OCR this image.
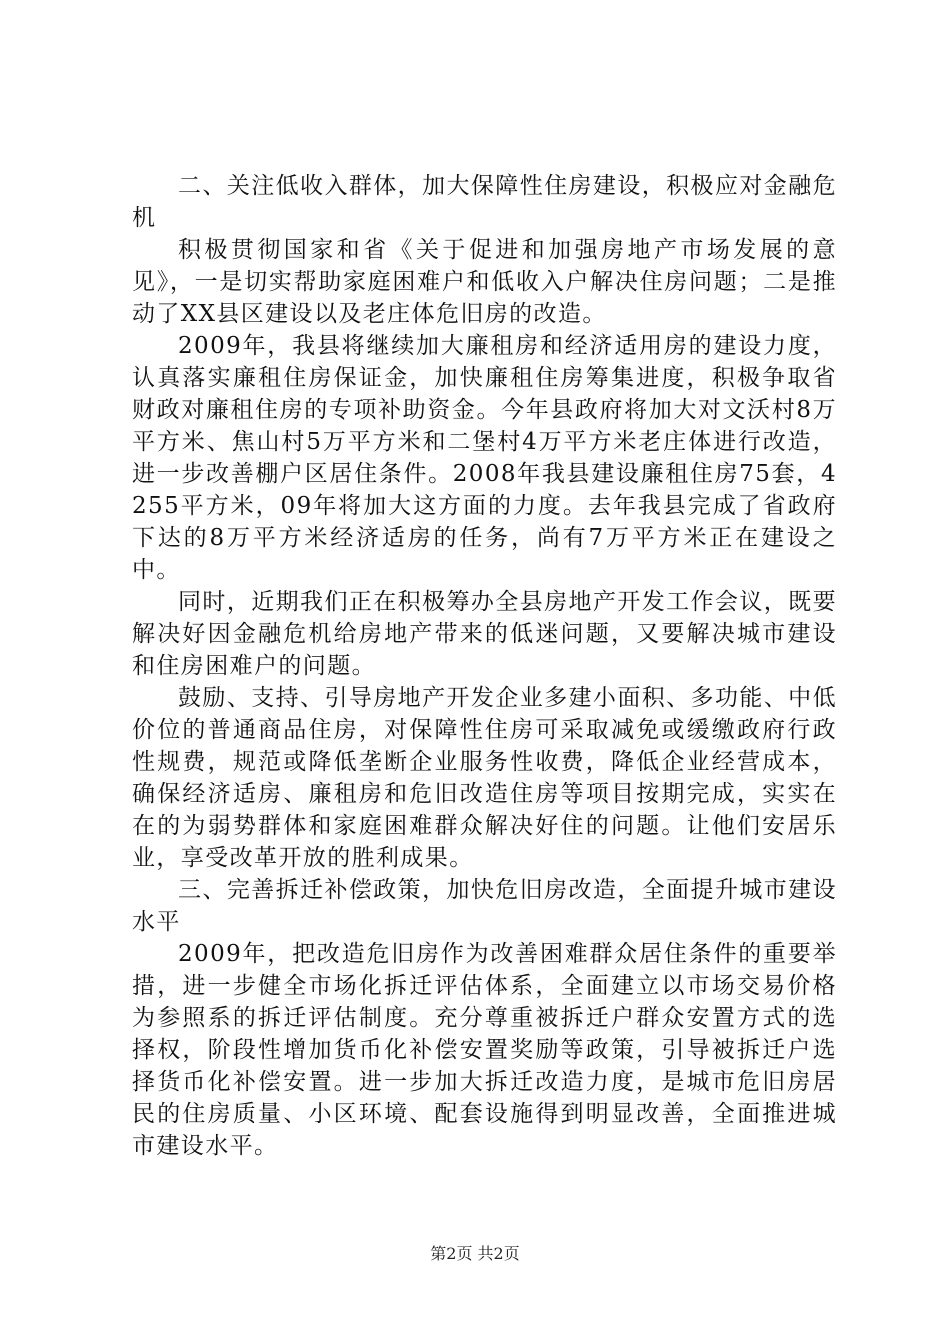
二、关注低收入群体，加大保障性住房建设，积极应对金融危机

积极贯彻国家和省《关于促进和加强房地产市场发展的意见》，一是切实帮助家庭困难户和低收入户解决住房问题；二是推动了XX县区建设以及老庄体危旧房的改造。

2009年，我县将继续加大廉租房和经济适用房的建设力度，认真落实廉租住房保证金，加快廉租住房筹集进度，积极争取省财政对廉租住房的专项补助资金。今年县政府将加大对文沃村8万平方米、焦山村5万平方米和二堡村4万平方米老庄体进行改造，进一步改善棚户区居住条件。2008年我县建设廉租住房75套，4255平方米，09年将加大这方面的力度。去年我县完成了省政府下达的8万平方米经济适房的任务，尚有7万平方米正在建设之中。

同时，近期我们正在积极筹办全县房地产开发工作会议，既要解决好因金融危机给房地产带来的低迷问题，又要解决城市建设和住房困难户的问题。

鼓励、支持、引导房地产开发企业多建小面积、多功能、中低价位的普通商品住房，对保障性住房可采取减免或缓缴政府行政性规费，规范或降低垄断企业服务性收费，降低企业经营成本，确保经济适房、廉租房和危旧改造住房等项目按期完成，实实在在的为弱势群体和家庭困难群众解决好住的问题。让他们安居乐业，享受改革开放的胜利成果。

三、完善拆迁补偿政策，加快危旧房改造，全面提升城市建设水平

2009年，把改造危旧房作为改善困难群众居住条件的重要举措，进一步健全市场化拆迁评估体系，全面建立以市场交易价格为参照系的拆迁评估制度。充分尊重被拆迁户群众安置方式的选择权，阶段性增加货币化补偿安置奖励等政策，引导被拆迁户选择货币化补偿安置。进一步加大拆迁改造力度，是城市危旧房居民的住房质量、小区环境、配套设施得到明显改善，全面推进城市建设水平。

第2页 共2页
